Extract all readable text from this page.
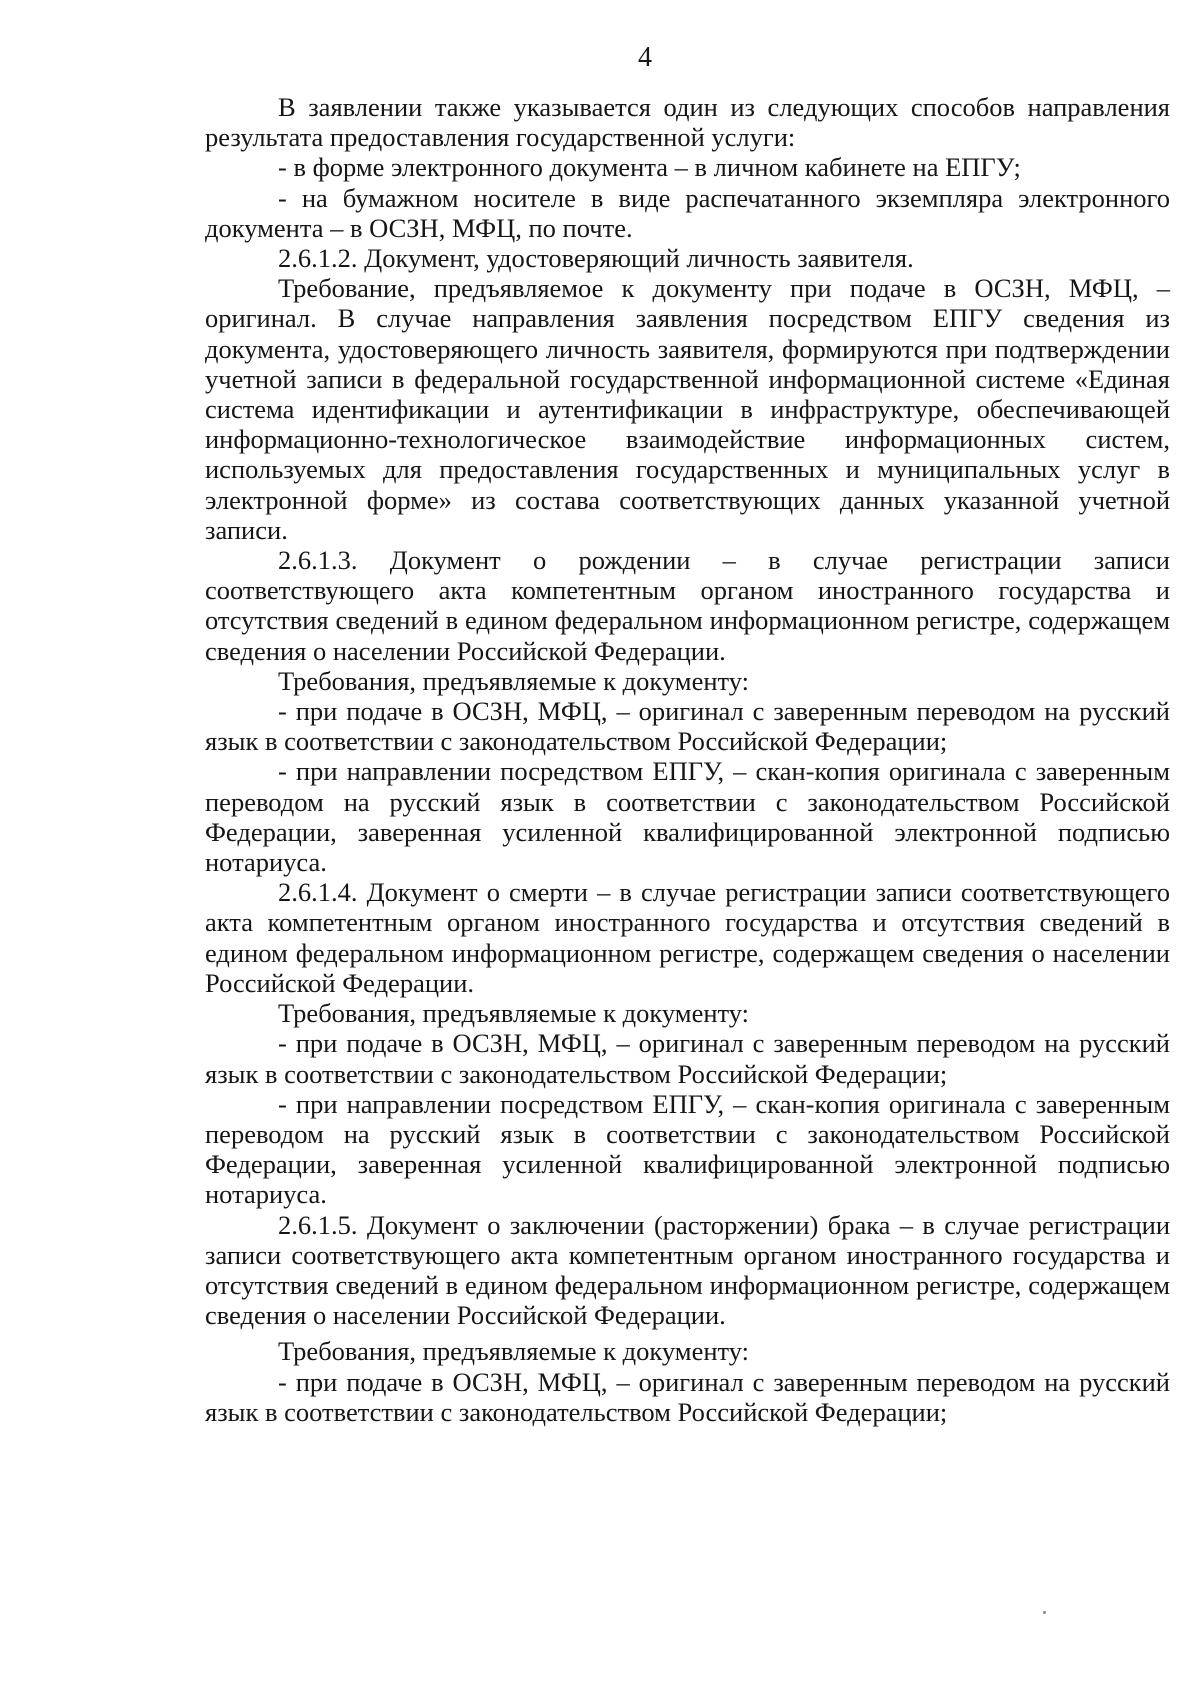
4

В заявлении также указывается один из следующих способов направления результата предоставления государственной услуги:

- в форме электронного документа – в личном кабинете на ЕПГУ;

- на бумажном носителе в виде распечатанного экземпляра электронного документа – в ОСЗН, МФЦ, по почте.

2.6.1.2. Документ, удостоверяющий личность заявителя.

Требование, предъявляемое к документу при подаче в ОСЗН, МФЦ, – оригинал. В случае направления заявления посредством ЕПГУ сведения из документа, удостоверяющего личность заявителя, формируются при подтверждении учетной записи в федеральной государственной информационной системе «Единая система идентификации и аутентификации в инфраструктуре, обеспечивающей информационно-технологическое взаимодействие информационных систем, используемых для предоставления государственных и муниципальных услуг в электронной форме» из состава соответствующих данных указанной учетной записи.

2.6.1.3. Документ о рождении – в случае регистрации записи соответствующего акта компетентным органом иностранного государства и отсутствия сведений в едином федеральном информационном регистре, содержащем сведения о населении Российской Федерации.

Требования, предъявляемые к документу:

- при подаче в ОСЗН, МФЦ, – оригинал с заверенным переводом на русский язык в соответствии с законодательством Российской Федерации;

- при направлении посредством ЕПГУ, – скан-копия оригинала с заверенным переводом на русский язык в соответствии с законодательством Российской Федерации, заверенная усиленной квалифицированной электронной подписью нотариуса.

2.6.1.4. Документ о смерти – в случае регистрации записи соответствующего акта компетентным органом иностранного государства и отсутствия сведений в едином федеральном информационном регистре, содержащем сведения о населении Российской Федерации.

Требования, предъявляемые к документу:

- при подаче в ОСЗН, МФЦ, – оригинал с заверенным переводом на русский язык в соответствии с законодательством Российской Федерации;

- при направлении посредством ЕПГУ, – скан-копия оригинала с заверенным переводом на русский язык в соответствии с законодательством Российской Федерации, заверенная усиленной квалифицированной электронной подписью нотариуса.

2.6.1.5. Документ о заключении (расторжении) брака – в случае регистрации записи соответствующего акта компетентным органом иностранного государства и отсутствия сведений в едином федеральном информационном регистре, содержащем сведения о населении Российской Федерации.

Требования, предъявляемые к документу:

- при подаче в ОСЗН, МФЦ, – оригинал с заверенным переводом на русский язык в соответствии с законодательством Российской Федерации;
